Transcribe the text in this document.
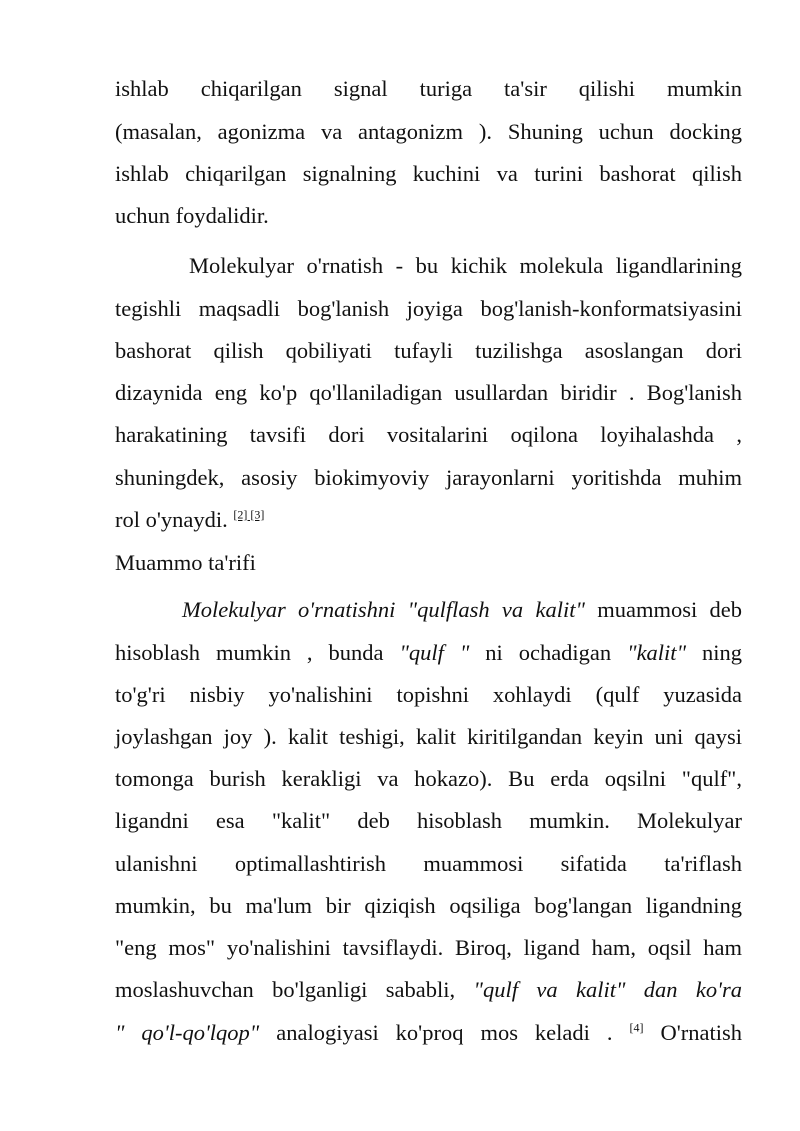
ishlab chiqarilgan signal turiga ta'sir qilishi mumkin
(masalan, agonizma va antagonizm ). Shuning uchun docking
ishlab chiqarilgan signalning kuchini va turini bashorat qilish
uchun foydalidir.
Molekulyar o'rnatish - bu kichik molekula ligandlarining
tegishli maqsadli bog'lanish joyiga bog'lanish-konformatsiyasini
bashorat qilish qobiliyati tufayli tuzilishga asoslangan dori
dizaynida eng ko'p qo'llaniladigan usullardan biridir . Bog'lanish
harakatining tavsifi dori vositalarini oqilona loyihalashda ,
shuningdek, asosiy biokimyoviy jarayonlarni yoritishda muhim
rol o'ynaydi. [2] [3]
Muammo ta'rifi
Molekulyar o'rnatishni "qulflash va kalit" muammosi deb
hisoblash mumkin , bunda "qulf " ni ochadigan "kalit" ning
to'g'ri nisbiy yo'nalishini topishni xohlaydi (qulf yuzasida
joylashgan joy ). kalit teshigi, kalit kiritilgandan keyin uni qaysi
tomonga burish kerakligi va hokazo). Bu erda oqsilni "qulf",
ligandni esa "kalit" deb hisoblash mumkin. Molekulyar
ulanishni optimallashtirish muammosi sifatida ta'riflash
mumkin, bu ma'lum bir qiziqish oqsiliga bog'langan ligandning
"eng mos" yo'nalishini tavsiflaydi. Biroq, ligand ham, oqsil ham
moslashuvchan bo'lganligi sababli, "qulf va kalit" dan ko'ra
" qo'l-qo'lqop" analogiyasi ko'proq mos keladi . [4] O'rnatish
